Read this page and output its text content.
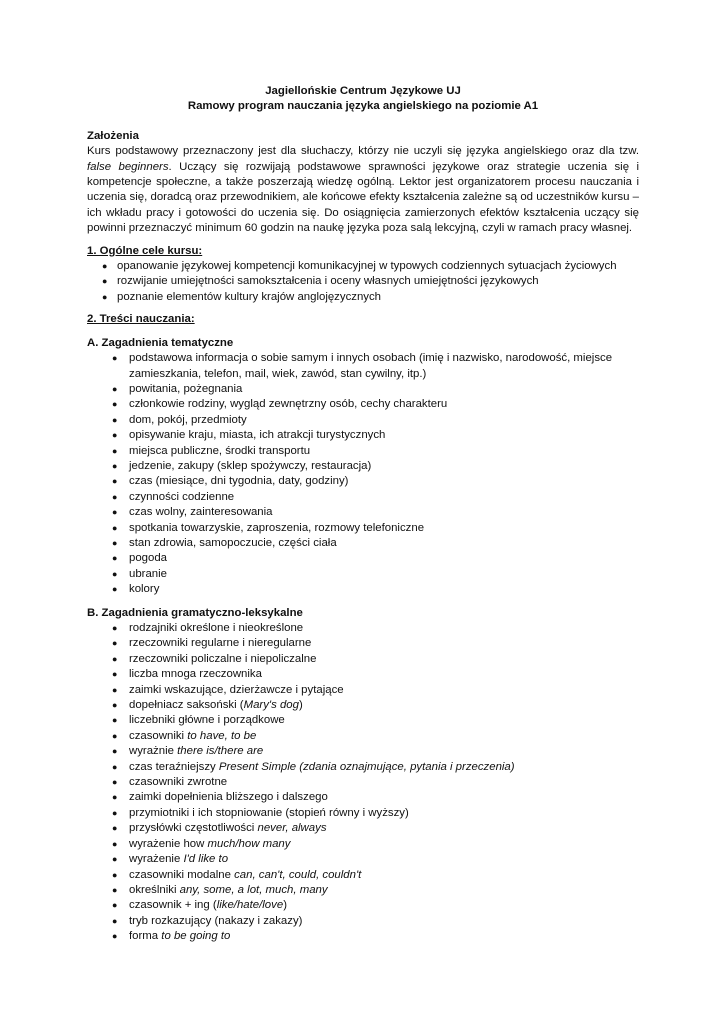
Jagiellońskie Centrum Językowe UJ

Ramowy program nauczania języka angielskiego na poziomie A1

Założenia

Kurs podstawowy przeznaczony jest dla słuchaczy, którzy nie uczyli się języka angielskiego oraz dla tzw. false beginners. Uczący się rozwijają podstawowe sprawności językowe oraz strategie uczenia się i kompetencje społeczne, a także poszerzają wiedzę ogólną. Lektor jest organizatorem procesu nauczania i uczenia się, doradcą oraz przewodnikiem, ale końcowe efekty kształcenia zależne są od uczestników kursu – ich wkładu pracy i gotowości do uczenia się. Do osiągnięcia zamierzonych efektów kształcenia uczący się powinni przeznaczyć minimum 60 godzin na naukę języka poza salą lekcyjną, czyli w ramach pracy własnej.

1. Ogólne cele kursu:

● opanowanie językowej kompetencji komunikacyjnej w typowych codziennych sytuacjach życiowych
● rozwijanie umiejętności samokształcenia i oceny własnych umiejętności językowych
● poznanie elementów kultury krajów anglojęzycznych

2. Treści nauczania:

A. Zagadnienia tematyczne

● podstawowa informacja o sobie samym i innych osobach (imię i nazwisko, narodowość, miejsce zamieszkania, telefon, mail, wiek, zawód, stan cywilny, itp.)
● powitania, pożegnania
● członkowie rodziny, wygląd zewnętrzny osób, cechy charakteru
● dom, pokój, przedmioty
● opisywanie kraju, miasta, ich atrakcji turystycznych
● miejsca publiczne, środki transportu
● jedzenie, zakupy (sklep spożywczy, restauracja)
● czas (miesiące, dni tygodnia, daty, godziny)
● czynności codzienne
● czas wolny, zainteresowania
● spotkania towarzyskie, zaproszenia, rozmowy telefoniczne
● stan zdrowia, samopoczucie, części ciała
● pogoda
● ubranie
● kolory

B. Zagadnienia gramatyczno-leksykalne

● rodzajniki określone i nieokreślone
● rzeczowniki regularne i nieregularne
● rzeczowniki policzalne i niepoliczalne
● liczba mnoga rzeczownika
● zaimki wskazujące, dzierżawcze i pytające
● dopełniacz saksoński (Mary's dog)
● liczebniki główne i porządkowe
● czasowniki to have, to be
● wyrażnie there is/there are
● czas teraźniejszy Present Simple (zdania oznajmujące, pytania i przeczenia)
● czasowniki zwrotne
● zaimki dopełnienia bliższego i dalszego
● przymiotniki i ich stopniowanie (stopień równy i wyższy)
● przysłówki częstotliwości never, always
● wyrażenie how much/how many
● wyrażenie I'd like to
● czasowniki modalne can, can't, could, couldn't
● określniki any, some, a lot, much, many
● czasownik + ing (like/hate/love)
● tryb rozkazujący (nakazy i zakazy)
● forma to be going to
